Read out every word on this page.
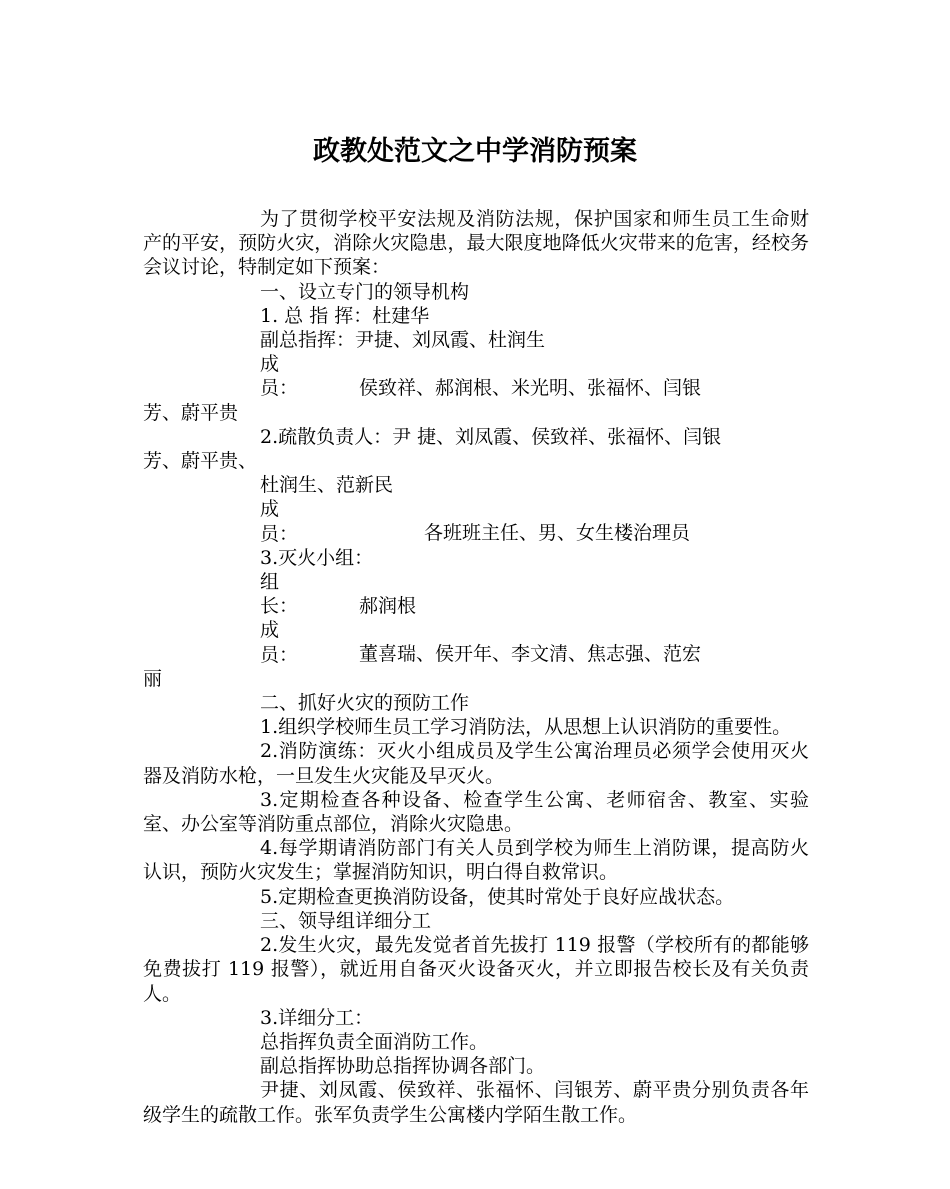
政教处范文之中学消防预案

为了贯彻学校平安法规及消防法规，保护国家和师生员工生命财产的平安，预防火灾，消除火灾隐患，最大限度地降低火灾带来的危害，经校务会议讨论，特制定如下预案：

一、设立专门的领导机构

1. 总 指 挥：杜建华

副总指挥：尹捷、刘凤霞、杜润生

成员：	侯致祥、郝润根、米光明、张福怀、闫银

芳、蔚平贵

2.疏散负责人：尹 捷、刘凤霞、侯致祥、张福怀、闫银

芳、蔚平贵、

杜润生、范新民

成员：	各班班主任、男、女生楼治理员

3.灭火小组：

组长：	郝润根

成员：	董喜瑞、侯开年、李文清、焦志强、范宏

丽

二、抓好火灾的预防工作

1.组织学校师生员工学习消防法，从思想上认识消防的重要性。

2.消防演练：灭火小组成员及学生公寓治理员必须学会使用灭火器及消防水枪，一旦发生火灾能及早灭火。

3.定期检查各种设备、检查学生公寓、老师宿舍、教室、实验室、办公室等消防重点部位，消除火灾隐患。

4.每学期请消防部门有关人员到学校为师生上消防课，提高防火认识，预防火灾发生；掌握消防知识，明白得自救常识。

5.定期检查更换消防设备，使其时常处于良好应战状态。

三、领导组详细分工

2.发生火灾，最先发觉者首先拔打 119 报警（学校所有的都能够免费拔打 119 报警），就近用自备灭火设备灭火，并立即报告校长及有关负责人。

3.详细分工：

总指挥负责全面消防工作。

副总指挥协助总指挥协调各部门。

尹捷、刘凤霞、侯致祥、张福怀、闫银芳、蔚平贵分别负责各年级学生的疏散工作。张军负责学生公寓楼内学陌生散工作。
